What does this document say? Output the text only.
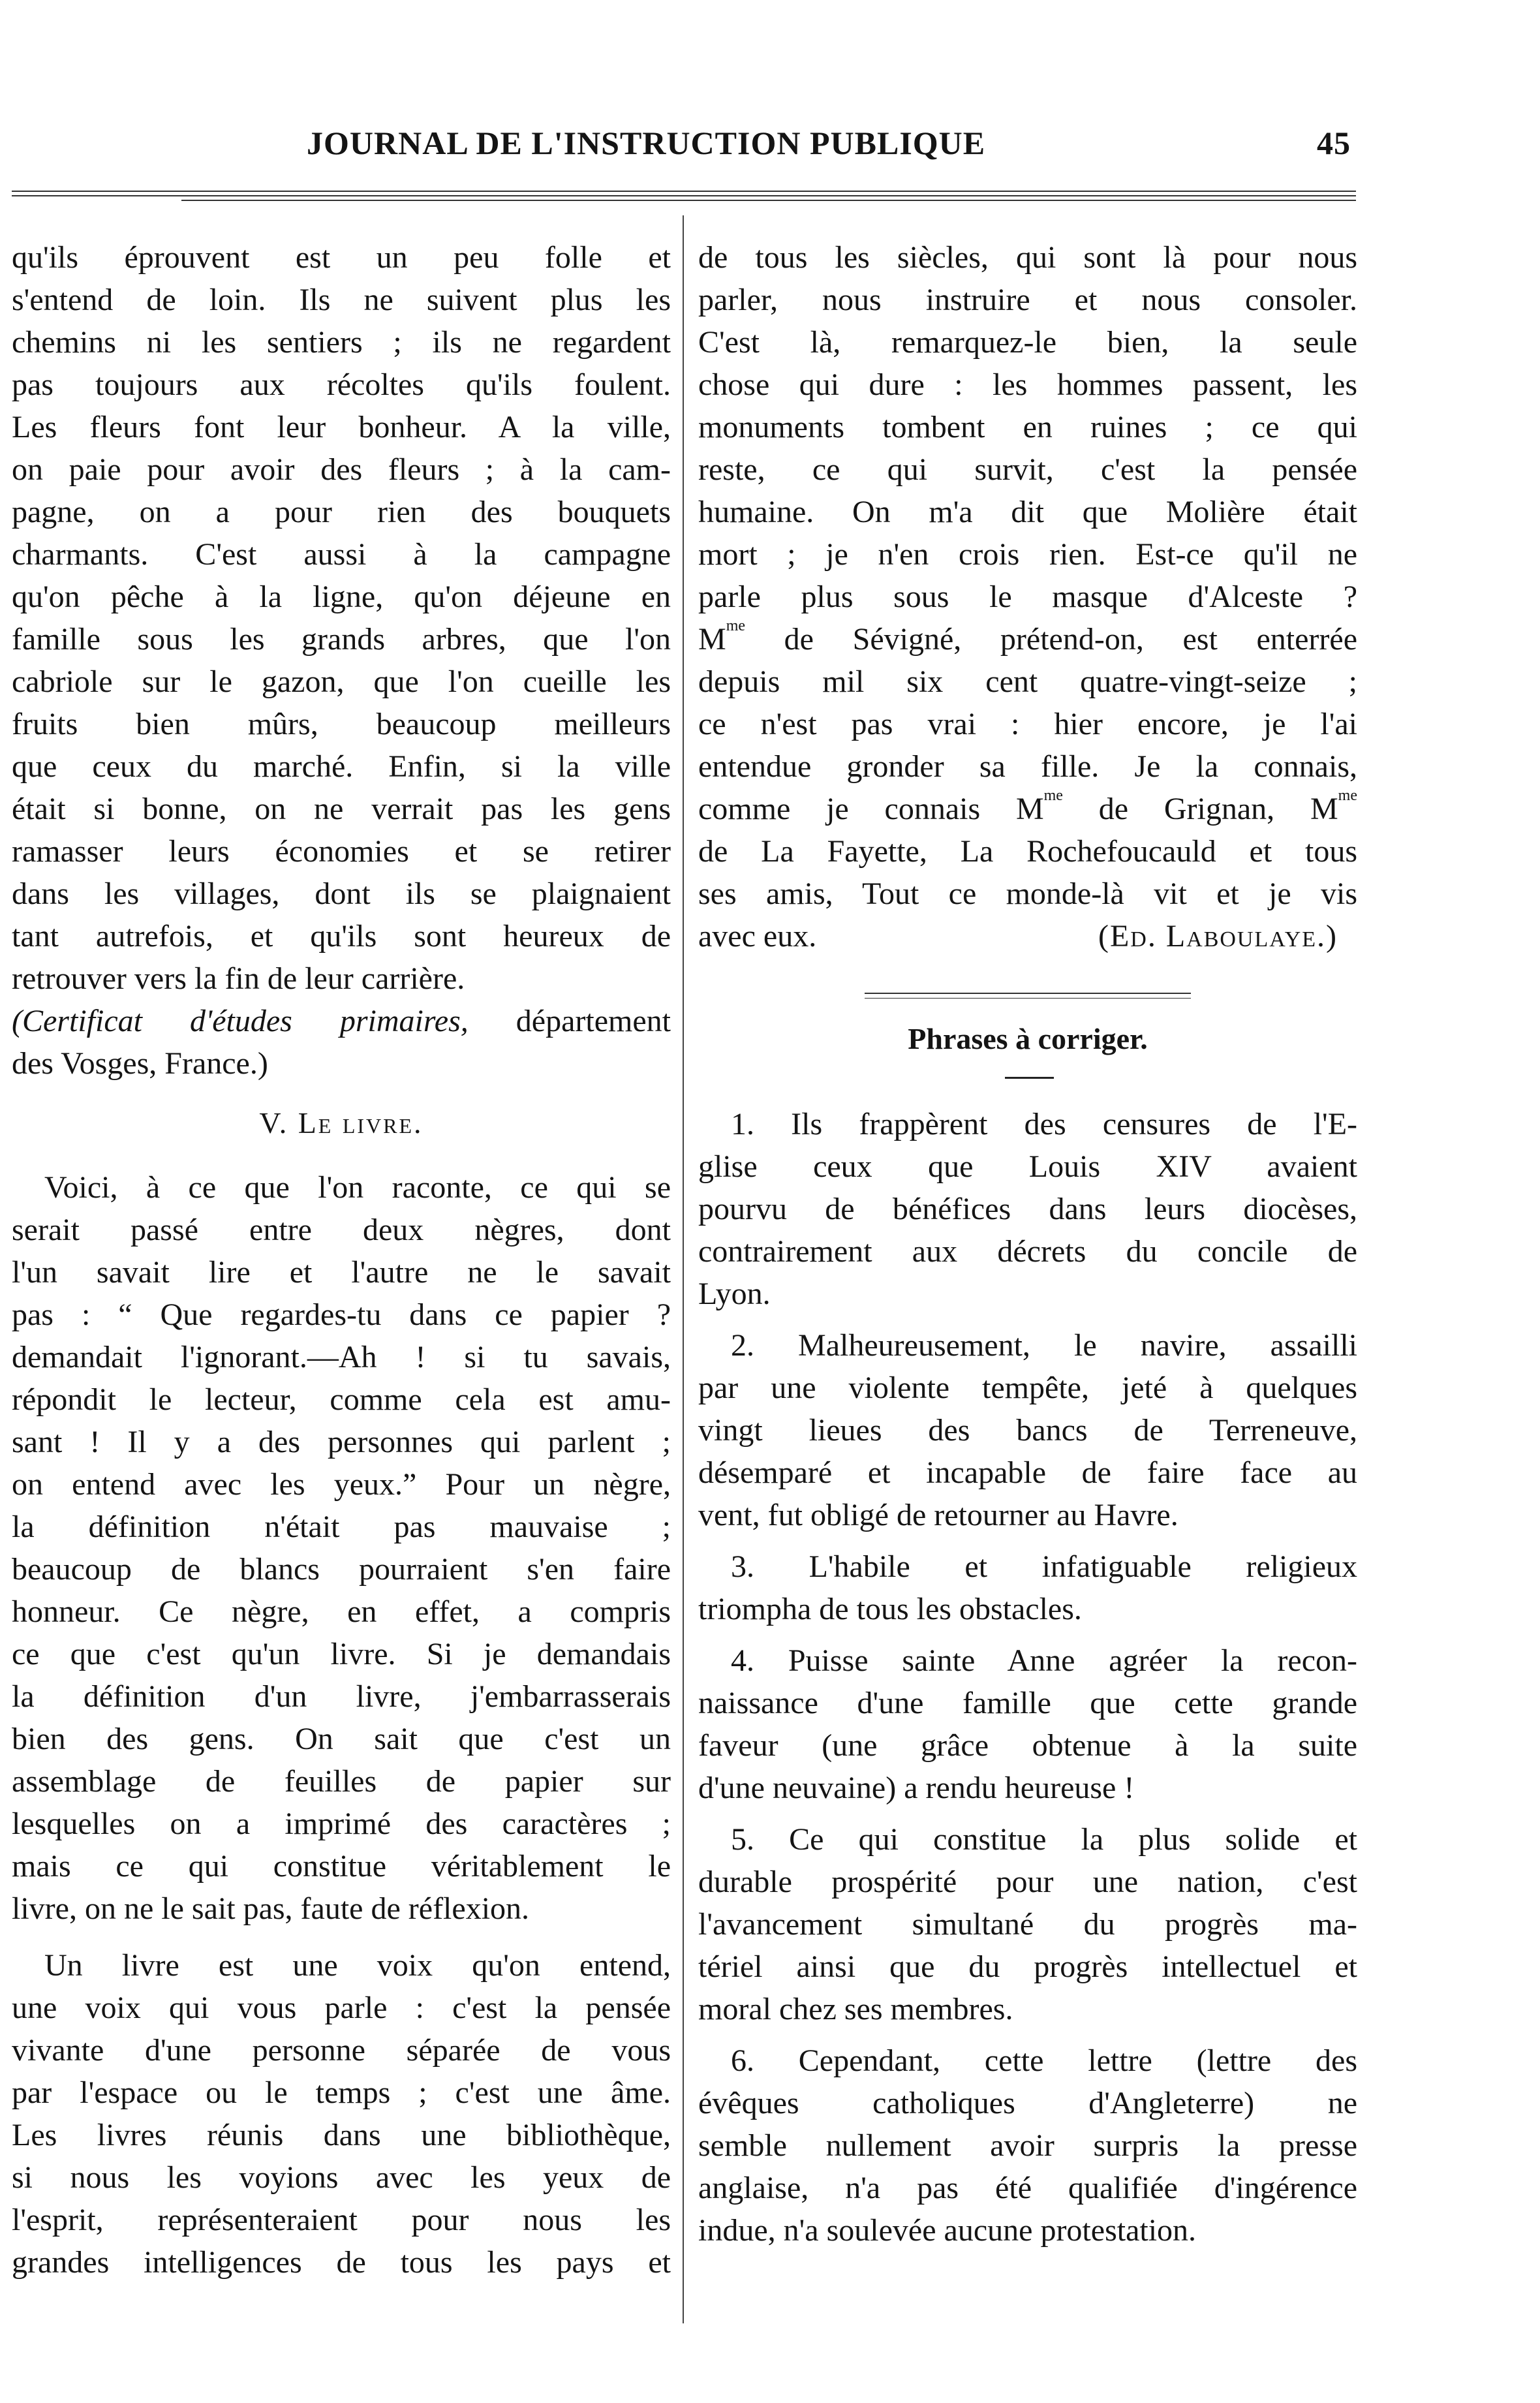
JOURNAL DE L'INSTRUCTION PUBLIQUE	45
qu'ils éprouvent est un peu folle et
s'entend de loin. Ils ne suivent plus les
chemins ni les sentiers ; ils ne regardent
pas toujours aux récoltes qu'ils foulent.
Les fleurs font leur bonheur. A la ville,
on paie pour avoir des fleurs ; à la cam-
pagne, on a pour rien des bouquets
charmants. C'est aussi à la campagne
qu'on pêche à la ligne, qu'on déjeune en
famille sous les grands arbres, que l'on
cabriole sur le gazon, que l'on cueille les
fruits bien mûrs, beaucoup meilleurs
que ceux du marché. Enfin, si la ville
était si bonne, on ne verrait pas les gens
ramasser leurs économies et se retirer
dans les villages, dont ils se plaignaient
tant autrefois, et qu'ils sont heureux de
retrouver vers la fin de leur carrière.
(Certificat d'études primaires, département
des Vosges, France.)
V. Le livre.
Voici, à ce que l'on raconte, ce qui se
serait passé entre deux nègres, dont
l'un savait lire et l'autre ne le savait
pas : “ Que regardes-tu dans ce papier ?
demandait l'ignorant.—Ah ! si tu savais,
répondit le lecteur, comme cela est amu-
sant ! Il y a des personnes qui parlent ;
on entend avec les yeux.” Pour un nègre,
la définition n'était pas mauvaise ;
beaucoup de blancs pourraient s'en faire
honneur. Ce nègre, en effet, a compris
ce que c'est qu'un livre. Si je demandais
la définition d'un livre, j'embarrasserais
bien des gens. On sait que c'est un
assemblage de feuilles de papier sur
lesquelles on a imprimé des caractères ;
mais ce qui constitue véritablement le
livre, on ne le sait pas, faute de réflexion.
Un livre est une voix qu'on entend,
une voix qui vous parle : c'est la pensée
vivante d'une personne séparée de vous
par l'espace ou le temps ; c'est une âme.
Les livres réunis dans une bibliothèque,
si nous les voyions avec les yeux de
l'esprit, représenteraient pour nous les
grandes intelligences de tous les pays et
de tous les siècles, qui sont là pour nous
parler, nous instruire et nous consoler.
C'est là, remarquez-le bien, la seule
chose qui dure : les hommes passent, les
monuments tombent en ruines ; ce qui
reste, ce qui survit, c'est la pensée
humaine. On m'a dit que Molière était
mort ; je n'en crois rien. Est-ce qu'il ne
parle plus sous le masque d'Alceste ?
$M^{me}$ de Sévigné, prétend-on, est enterrée
depuis mil six cent quatre-vingt-seize ;
ce n'est pas vrai : hier encore, je l'ai
entendue gronder sa fille. Je la connais,
comme je connais $M^{me}$ de Grignan, $M^{me}$
de La Fayette, La Rochefoucauld et tous
ses amis, Tout ce monde-là vit et je vis
avec eux.	(Ed. Laboulaye.)
Phrases à corriger.
1. Ils frappèrent des censures de l'E-
glise ceux que Louis XIV avaient
pourvu de bénéfices dans leurs diocèses,
contrairement aux décrets du concile de
Lyon.
2. Malheureusement, le navire, assailli
par une violente tempête, jeté à quelques
vingt lieues des bancs de Terreneuve,
désemparé et incapable de faire face au
vent, fut obligé de retourner au Havre.
3. L'habile et infatiguable religieux
triompha de tous les obstacles.
4. Puisse sainte Anne agréer la recon-
naissance d'une famille que cette grande
faveur (une grâce obtenue à la suite
d'une neuvaine) a rendu heureuse !
5. Ce qui constitue la plus solide et
durable prospérité pour une nation, c'est
l'avancement simultané du progrès ma-
tériel ainsi que du progrès intellectuel et
moral chez ses membres.
6. Cependant, cette lettre (lettre des
évêques catholiques d'Angleterre) ne
semble nullement avoir surpris la presse
anglaise, n'a pas été qualifiée d'ingérence
indue, n'a soulevée aucune protestation.
